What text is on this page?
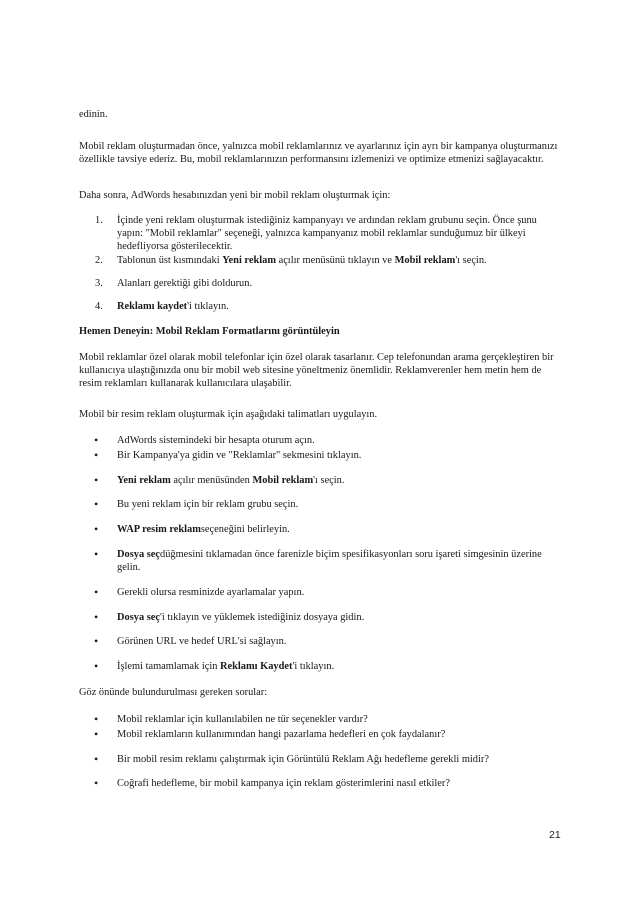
edinin.

Mobil reklam oluşturmadan önce, yalnızca mobil reklamlarınız ve ayarlarınız için ayrı bir kampanya oluşturmanızı özellikle tavsiye ederiz. Bu, mobil reklamlarınızın performansını izlemenizi ve optimize etmenizi sağlayacaktır.

Daha sonra, AdWords hesabınızdan yeni bir mobil reklam oluşturmak için:

1.	İçinde yeni reklam oluşturmak istediğiniz kampanyayı ve ardından reklam grubunu seçin. Önce şunu yapın: "Mobil reklamlar" seçeneği, yalnızca kampanyanız mobil reklamlar sunduğumuz bir ülkeyi hedefliyorsa gösterilecektir.
2.	Tablonun üst kısmındaki Yeni reklam açılır menüsünü tıklayın ve Mobil reklam'ı seçin.
3.	Alanları gerektiği gibi doldurun.
4.	Reklamı kaydet'i tıklayın.

Hemen Deneyin: Mobil Reklam Formatlarını görüntüleyin

Mobil reklamlar özel olarak mobil telefonlar için özel olarak tasarlanır. Cep telefonundan arama gerçekleştiren bir kullanıcıya ulaştığınızda onu bir mobil web sitesine yöneltmeniz önemlidir. Reklamverenler hem metin hem de resim reklamları kullanarak kullanıcılara ulaşabilir.

Mobil bir resim reklam oluşturmak için aşağıdaki talimatları uygulayın.

• AdWords sistemindeki bir hesapta oturum açın.
• Bir Kampanya'ya gidin ve "Reklamlar" sekmesini tıklayın.
• Yeni reklam açılır menüsünden Mobil reklam'ı seçin.
• Bu yeni reklam için bir reklam grubu seçin.
• WAP resim reklamseçeneğini belirleyin.
• Dosya seçdüğmesini tıklamadan önce farenizle biçim spesifikasyonları soru işareti simgesinin üzerine gelin.
• Gerekli olursa resminizde ayarlamalar yapın.
• Dosya seç'i tıklayın ve yüklemek istediğiniz dosyaya gidin.
• Görünen URL ve hedef URL'si sağlayın.
• İşlemi tamamlamak için Reklamı Kaydet'i tıklayın.

Göz önünde bulundurulması gereken sorular:

• Mobil reklamlar için kullanılabilen ne tür seçenekler vardır?
• Mobil reklamların kullanımından hangi pazarlama hedefleri en çok faydalanır?
• Bir mobil resim reklamı çalıştırmak için Görüntülü Reklam Ağı hedefleme gerekli midir?
• Coğrafi hedefleme, bir mobil kampanya için reklam gösterimlerini nasıl etkiler?
21
